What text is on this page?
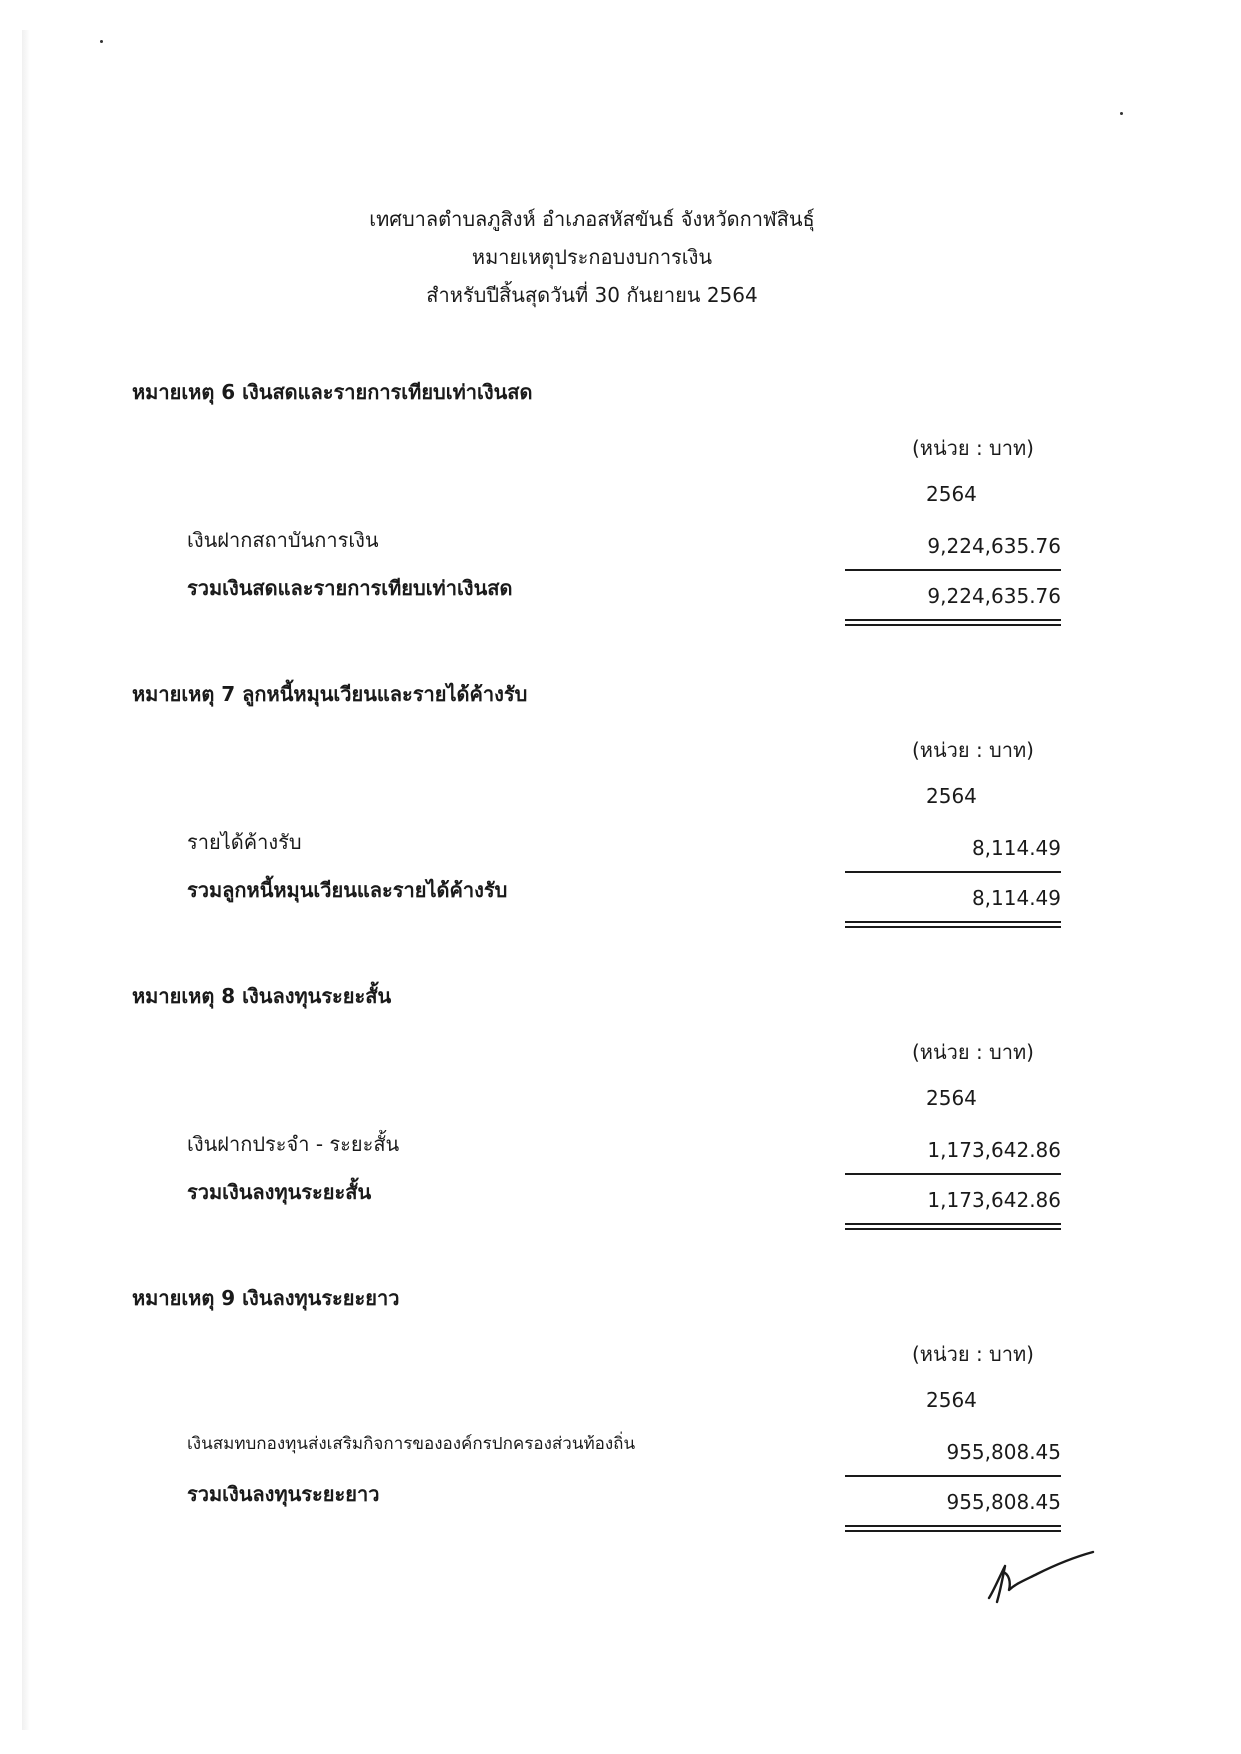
เทศบาลตำบลภูสิงห์ อำเภอสหัสขันธ์ จังหวัดกาฬสินธุ์
หมายเหตุประกอบงบการเงิน
สำหรับปีสิ้นสุดวันที่ 30 กันยายน 2564
หมายเหตุ 6 เงินสดและรายการเทียบเท่าเงินสด
(หน่วย : บาท)
2564
เงินฝากสถาบันการเงิน	9,224,635.76
รวมเงินสดและรายการเทียบเท่าเงินสด	9,224,635.76
หมายเหตุ 7 ลูกหนี้หมุนเวียนและรายได้ค้างรับ
(หน่วย : บาท)
2564
รายได้ค้างรับ	8,114.49
รวมลูกหนี้หมุนเวียนและรายได้ค้างรับ	8,114.49
หมายเหตุ 8 เงินลงทุนระยะสั้น
(หน่วย : บาท)
2564
เงินฝากประจำ - ระยะสั้น	1,173,642.86
รวมเงินลงทุนระยะสั้น	1,173,642.86
หมายเหตุ 9 เงินลงทุนระยะยาว
(หน่วย : บาท)
2564
เงินสมทบกองทุนส่งเสริมกิจการขององค์กรปกครองส่วนท้องถิ่น	955,808.45
รวมเงินลงทุนระยะยาว	955,808.45
